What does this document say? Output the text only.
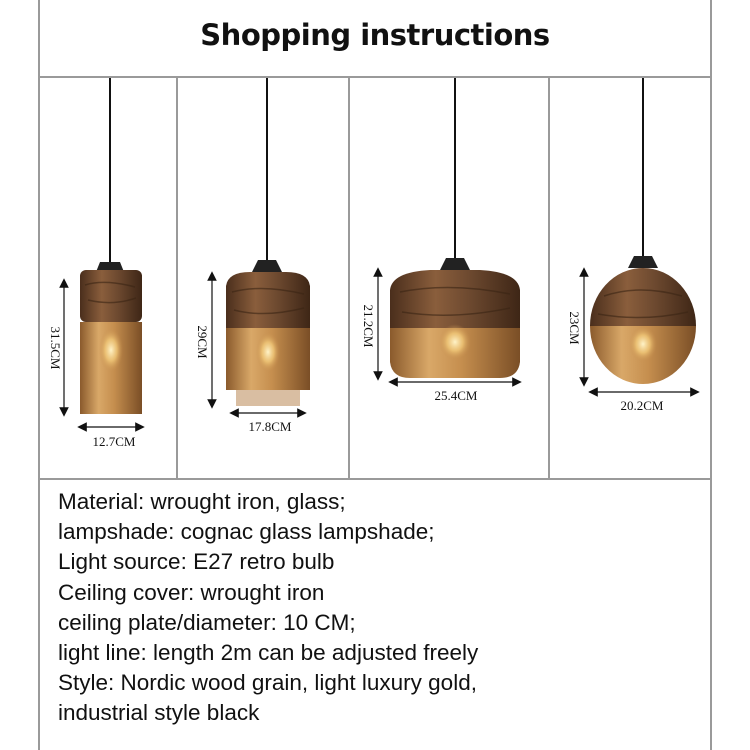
Shopping instructions
31.5CM
12.7CM
29CM
17.8CM
21.2CM
25.4CM
23CM
20.2CM
Material: wrought iron, glass;
lampshade: cognac glass lampshade;
Light source: E27 retro bulb
Ceiling cover: wrought iron
ceiling plate/diameter: 10 CM;
light line: length 2m can be adjusted freely
Style: Nordic wood grain, light luxury gold,
industrial style black
